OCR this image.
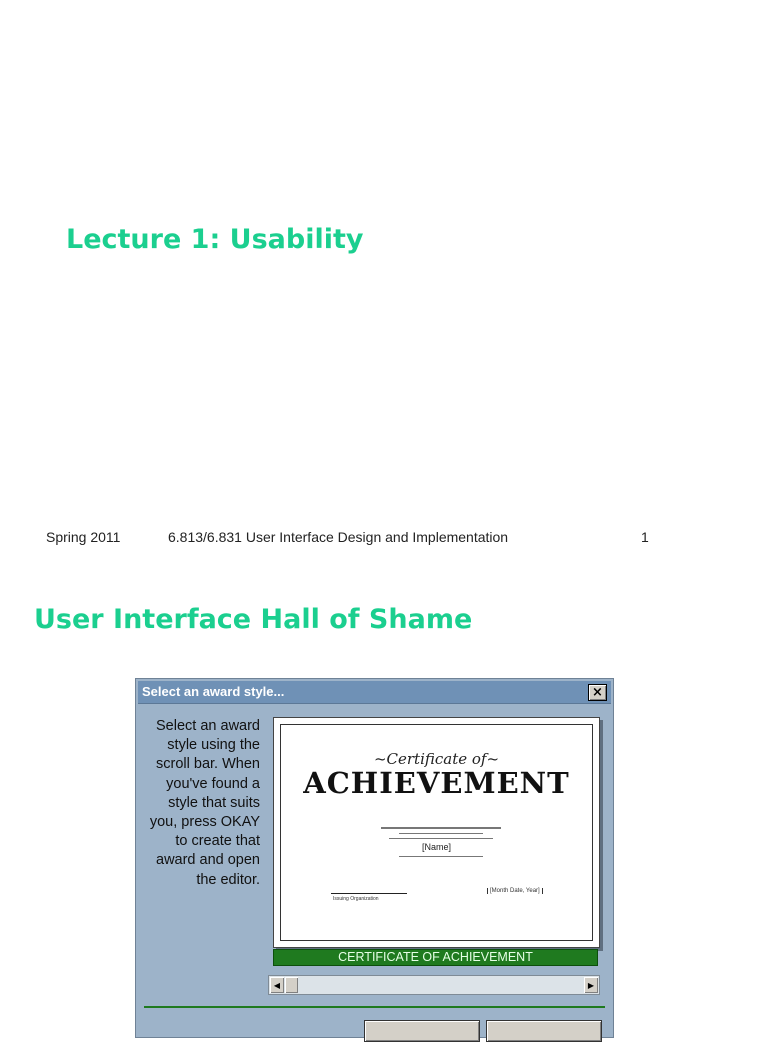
Lecture 1: Usability
Spring 2011	6.813/6.831 User Interface Design and Implementation	1
User Interface Hall of Shame
Select an award style...	×
Select an award style using the scroll bar. When you've found a style that suits you, press OKAY to create that award and open the editor.
~Certificate of~
ACHIEVEMENT
[Name]
Issuing Organization
[Month Date, Year]
CERTIFICATE OF ACHIEVEMENT
◀	▶
